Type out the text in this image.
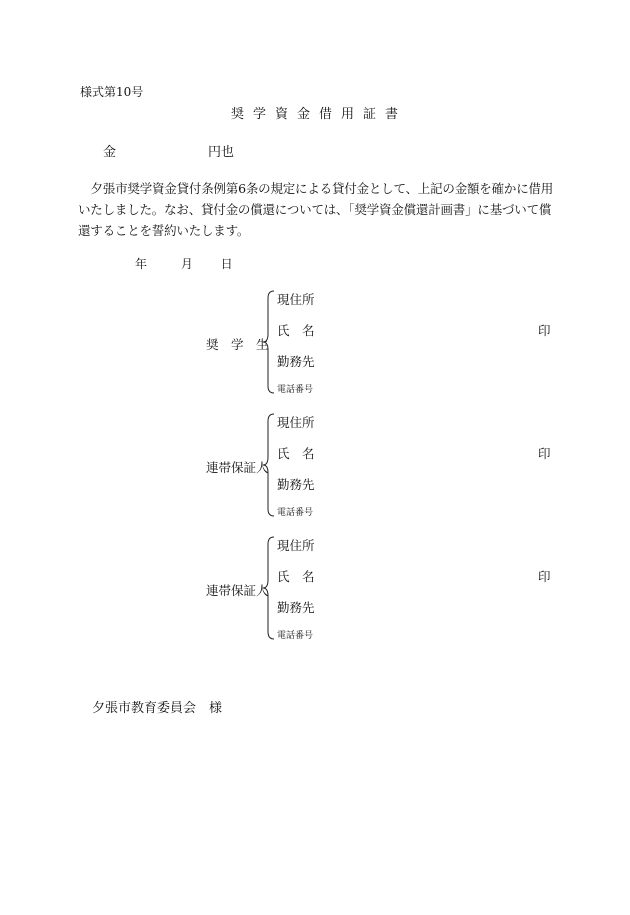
様式第10号
奨学資金借用証書
金	円也

夕張市奨学資金貸付条例第6条の規定による貸付金として、上記の金額を確かに借用いたしました。なお、貸付金の償還については、「奨学資金償還計画書」に基づいて償還することを誓約いたします。

年	月 日
奨　学　生
現住所
氏　名
勤務先
電話番号
印
連帯保証人
現住所
氏　名
勤務先
電話番号
印
連帯保証人
現住所
氏　名
勤務先
電話番号
印
夕張市教育委員会　様
